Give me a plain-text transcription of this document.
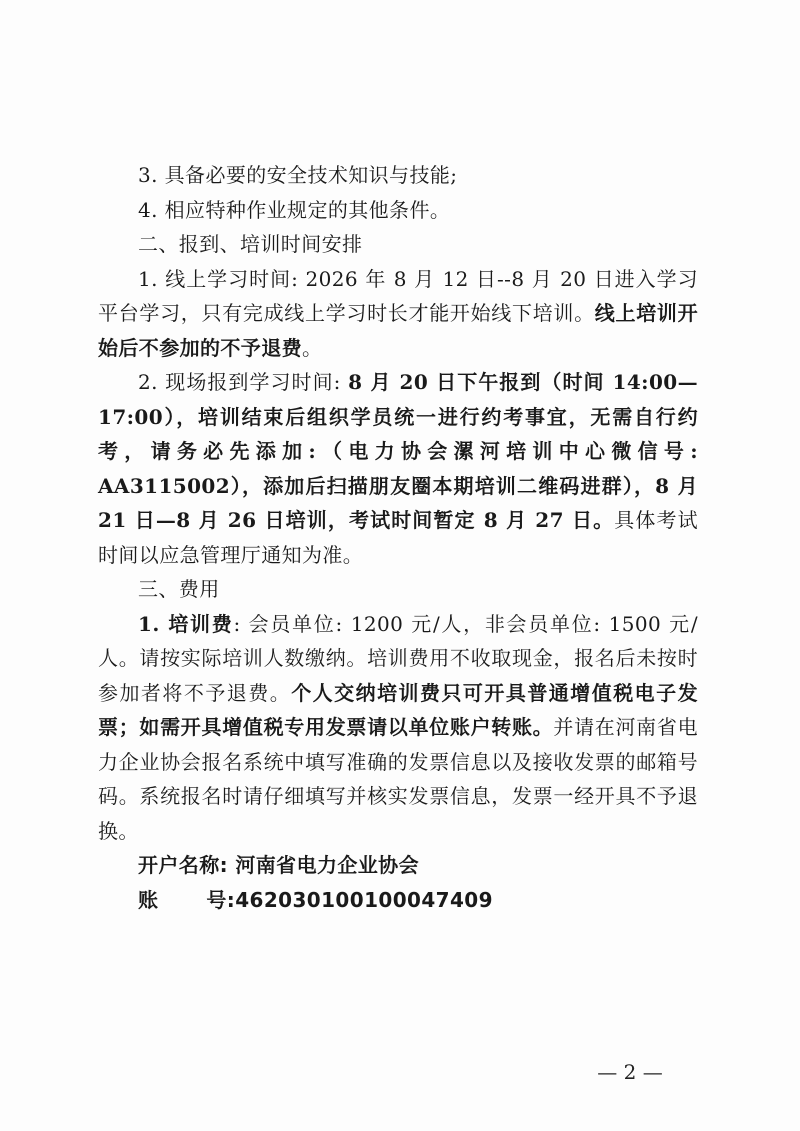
3. 具备必要的安全技术知识与技能;

4. 相应特种作业规定的其他条件。

二、报到、培训时间安排

1. 线上学习时间: 2026 年 8 月 12 日--8 月 20 日进入学习平台学习，只有完成线上学习时长才能开始线下培训。线上培训开始后不参加的不予退费。

2. 现场报到学习时间: 8 月 20 日下午报到（时间 14:00—17:00），培训结束后组织学员统一进行约考事宜，无需自行约考，请务必先添加:（电力协会漯河培训中心微信号: AA3115002），添加后扫描朋友圈本期培训二维码进群），8 月 21 日—8 月 26 日培训，考试时间暂定 8 月 27 日。具体考试时间以应急管理厅通知为准。

三、费用

1. 培训费: 会员单位: 1200 元/人，非会员单位: 1500 元/人。请按实际培训人数缴纳。培训费用不收取现金，报名后未按时参加者将不予退费。个人交纳培训费只可开具普通增值税电子发票；如需开具增值税专用发票请以单位账户转账。并请在河南省电力企业协会报名系统中填写准确的发票信息以及接收发票的邮箱号码。系统报名时请仔细填写并核实发票信息，发票一经开具不予退换。

开户名称: 河南省电力企业协会

账 号:462030100100047409

— 2 —
